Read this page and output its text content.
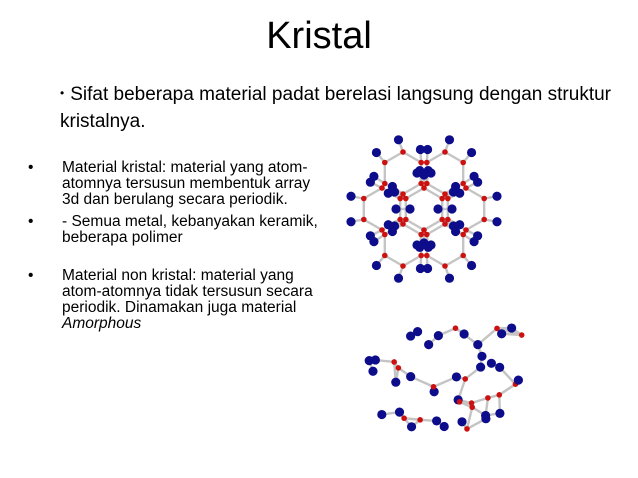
Kristal
• Sifat beberapa material padat berelasi langsung dengan struktur kristalnya.
• Material kristal: material yang atom-atomnya tersusun membentuk array 3d dan berulang secara periodik.
• - Semua metal, kebanyakan keramik, beberapa polimer
• Material non kristal: material yang atom-atomnya tidak tersusun secara periodik. Dinamakan juga material Amorphous
